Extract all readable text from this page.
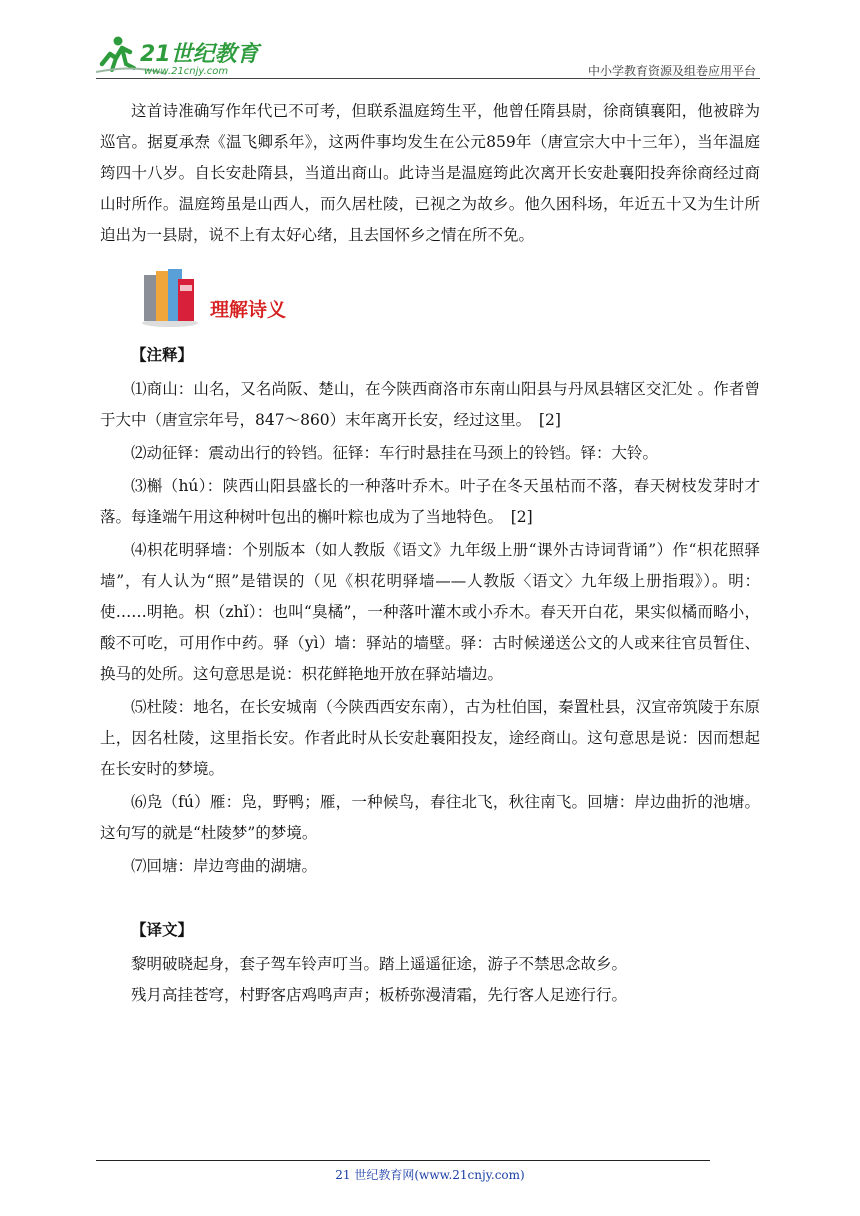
21世纪教育
www.21cnjy.com	中小学教育资源及组卷应用平台

这首诗准确写作年代已不可考，但联系温庭筠生平，他曾任隋县尉，徐商镇襄阳，他被辟为巡官。据夏承焘《温飞卿系年》，这两件事均发生在公元859年（唐宣宗大中十三年），当年温庭筠四十八岁。自长安赴隋县，当道出商山。此诗当是温庭筠此次离开长安赴襄阳投奔徐商经过商山时所作。温庭筠虽是山西人，而久居杜陵，已视之为故乡。他久困科场，年近五十又为生计所迫出为一县尉，说不上有太好心绪，且去国怀乡之情在所不免。

理解诗义
【注释】

⑴商山：山名，又名尚阪、楚山，在今陕西商洛市东南山阳县与丹凤县辖区交汇处 。作者曾于大中（唐宣宗年号，847～860）末年离开长安，经过这里。　[2]

⑵动征铎：震动出行的铃铛。征铎：车行时悬挂在马颈上的铃铛。铎：大铃。

⑶槲（hú）：陕西山阳县盛长的一种落叶乔木。叶子在冬天虽枯而不落，春天树枝发芽时才落。每逢端午用这种树叶包出的槲叶粽也成为了当地特色。　[2]

⑷枳花明驿墙：个别版本（如人教版《语文》九年级上册“课外古诗词背诵”）作“枳花照驿墙”，有人认为“照”是错误的（见《枳花明驿墙——人教版〈语文〉九年级上册指瑕》）。明：使……明艳。枳（zhǐ）：也叫“臭橘”，一种落叶灌木或小乔木。春天开白花，果实似橘而略小，酸不可吃，可用作中药。驿（yì）墙：驿站的墙壁。驿：古时候递送公文的人或来往官员暂住、换马的处所。这句意思是说：枳花鲜艳地开放在驿站墙边。

⑸杜陵：地名，在长安城南（今陕西西安东南），古为杜伯国，秦置杜县，汉宣帝筑陵于东原上，因名杜陵，这里指长安。作者此时从长安赴襄阳投友，途经商山。这句意思是说：因而想起在长安时的梦境。

⑹凫（fú）雁：凫，野鸭；雁，一种候鸟，春往北飞，秋往南飞。回塘：岸边曲折的池塘。这句写的就是“杜陵梦”的梦境。

⑺回塘：岸边弯曲的湖塘。

【译文】

黎明破晓起身，套子驾车铃声叮当。踏上遥遥征途，游子不禁思念故乡。

残月高挂苍穹，村野客店鸡鸣声声；板桥弥漫清霜，先行客人足迹行行。

21 世纪教育网(www.21cnjy.com)
